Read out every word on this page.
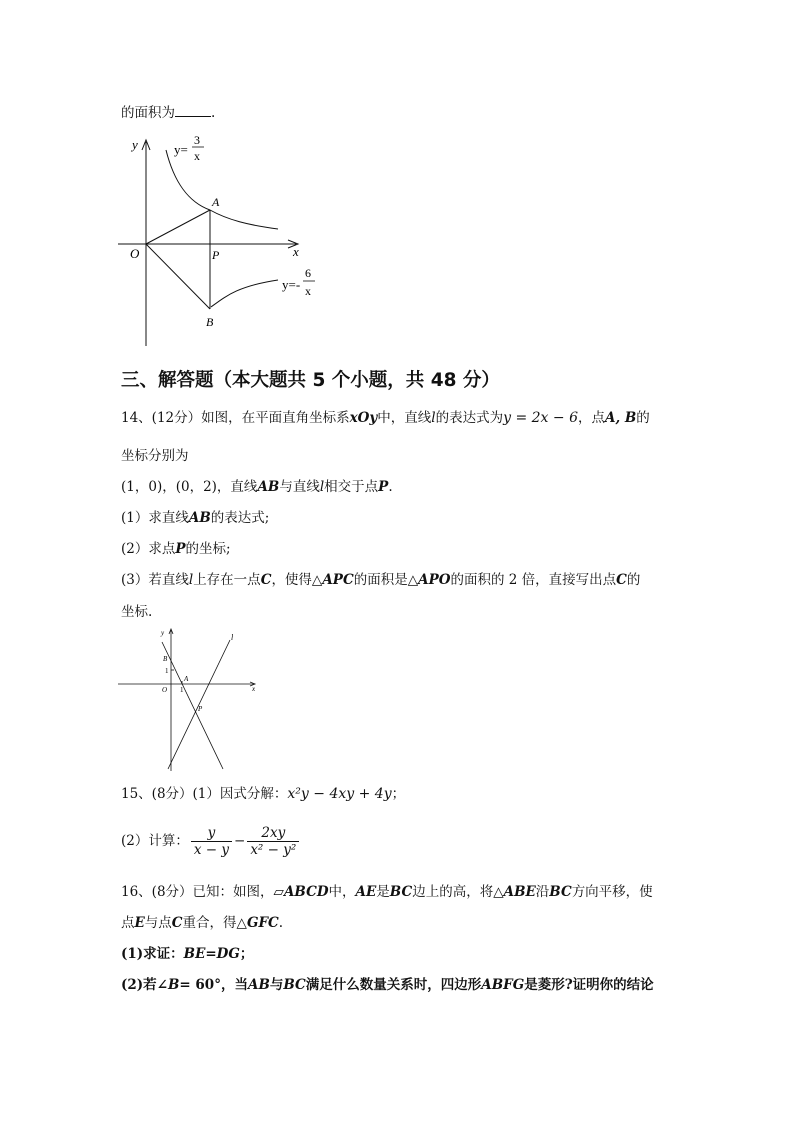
的面积为	.
y
x
O
A
P
B
y=
3
x
y=-
6
x
三、解答题（本大题共 5 个小题，共 48 分）
14、(12分）如图，在平面直角坐标系xOy中，直线l的表达式为y = 2x − 6，点A, B的
坐标分别为
(1，0)，(0，2)，直线AB与直线l相交于点P.
(1）求直线AB的表达式;
(2）求点P的坐标;
(3）若直线l上存在一点C，使得△APC的面积是△APO的面积的 2 倍，直接写出点C的
坐标.
y
x
O
l
B
A
P
1
1
15、(8分）(1）因式分解：x²y − 4xy + 4y；
(2）计算： $\frac{y}{x - y} - \frac{2xy}{\text{x² − y²}}$
16、(8分）已知：如图，▱ABCD中，AE是BC边上的高，将△ABE沿BC方向平移，使
点E与点C重合，得△GFC.
(1)求证：BE=DG；
(2)若∠B= 60°，当AB与BC满足什么数量关系时，四边形ABFG是菱形?证明你的结论
